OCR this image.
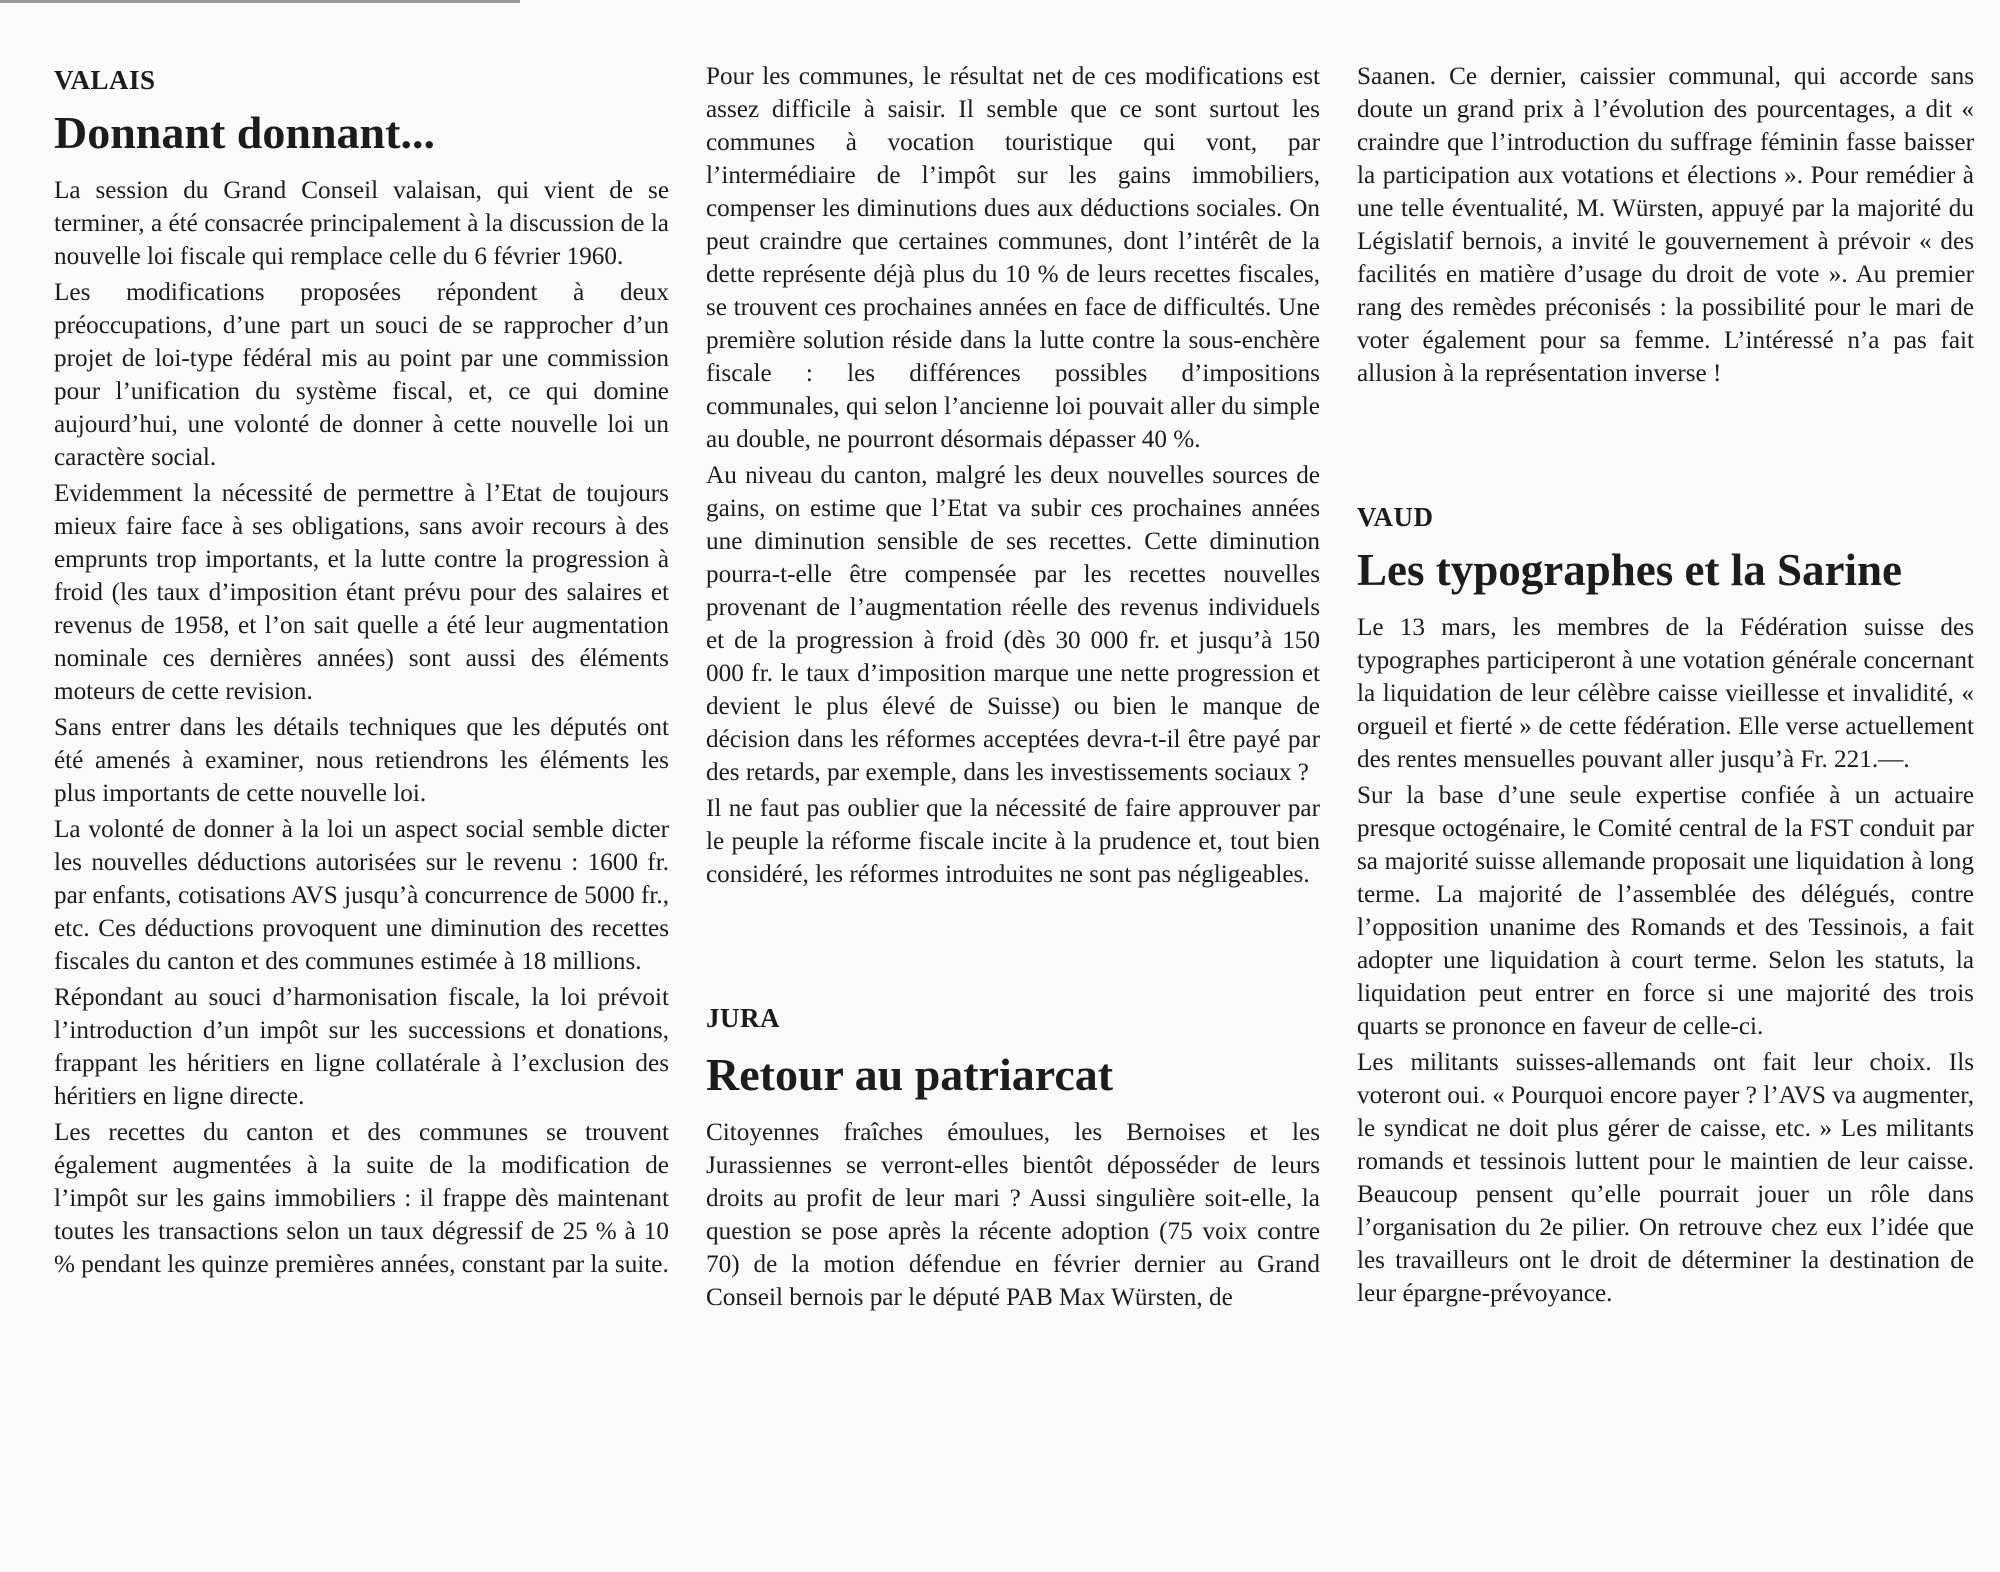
VALAIS
Donnant donnant...

La session du Grand Conseil valaisan, qui vient de se terminer, a été consacrée principalement à la discussion de la nouvelle loi fiscale qui remplace celle du 6 février 1960.

Les modifications proposées répondent à deux préoccupations, d’une part un souci de se rapprocher d’un projet de loi-type fédéral mis au point par une commission pour l’unification du système fiscal, et, ce qui domine aujourd’hui, une volonté de donner à cette nouvelle loi un caractère social.

Evidemment la nécessité de permettre à l’Etat de toujours mieux faire face à ses obligations, sans avoir recours à des emprunts trop importants, et la lutte contre la progression à froid (les taux d’imposition étant prévu pour des salaires et revenus de 1958, et l’on sait quelle a été leur augmentation nominale ces dernières années) sont aussi des éléments moteurs de cette revision.

Sans entrer dans les détails techniques que les députés ont été amenés à examiner, nous retiendrons les éléments les plus importants de cette nouvelle loi.

La volonté de donner à la loi un aspect social semble dicter les nouvelles déductions autorisées sur le revenu : 1600 fr. par enfants, cotisations AVS jusqu’à concurrence de 5000 fr., etc. Ces déductions provoquent une diminution des recettes fiscales du canton et des communes estimée à 18 millions.

Répondant au souci d’harmonisation fiscale, la loi prévoit l’introduction d’un impôt sur les successions et donations, frappant les héritiers en ligne collatérale à l’exclusion des héritiers en ligne directe.

Les recettes du canton et des communes se trouvent également augmentées à la suite de la modification de l’impôt sur les gains immobiliers : il frappe dès maintenant toutes les transactions selon un taux dégressif de 25 % à 10 % pendant les quinze premières années, constant par la suite.

Pour les communes, le résultat net de ces modifications est assez difficile à saisir. Il semble que ce sont surtout les communes à vocation touristique qui vont, par l’intermédiaire de l’impôt sur les gains immobiliers, compenser les diminutions dues aux déductions sociales. On peut craindre que certaines communes, dont l’intérêt de la dette représente déjà plus du 10 % de leurs recettes fiscales, se trouvent ces prochaines années en face de difficultés. Une première solution réside dans la lutte contre la sous-enchère fiscale : les différences possibles d’impositions communales, qui selon l’ancienne loi pouvait aller du simple au double, ne pourront désormais dépasser 40 %.

Au niveau du canton, malgré les deux nouvelles sources de gains, on estime que l’Etat va subir ces prochaines années une diminution sensible de ses recettes. Cette diminution pourra-t-elle être compensée par les recettes nouvelles provenant de l’augmentation réelle des revenus individuels et de la progression à froid (dès 30 000 fr. et jusqu’à 150 000 fr. le taux d’imposition marque une nette progression et devient le plus élevé de Suisse) ou bien le manque de décision dans les réformes acceptées devra-t-il être payé par des retards, par exemple, dans les investissements sociaux ?

Il ne faut pas oublier que la nécessité de faire approuver par le peuple la réforme fiscale incite à la prudence et, tout bien considéré, les réformes introduites ne sont pas négligeables.

JURA
Retour au patriarcat

Citoyennes fraîches émoulues, les Bernoises et les Jurassiennes se verront-elles bientôt déposséder de leurs droits au profit de leur mari ? Aussi singulière soit-elle, la question se pose après la récente adoption (75 voix contre 70) de la motion défendue en février dernier au Grand Conseil bernois par le député PAB Max Würsten, de

Saanen. Ce dernier, caissier communal, qui accorde sans doute un grand prix à l’évolution des pourcentages, a dit « craindre que l’introduction du suffrage féminin fasse baisser la participation aux votations et élections ». Pour remédier à une telle éventualité, M. Würsten, appuyé par la majorité du Législatif bernois, a invité le gouvernement à prévoir « des facilités en matière d’usage du droit de vote ». Au premier rang des remèdes préconisés : la possibilité pour le mari de voter également pour sa femme. L’intéressé n’a pas fait allusion à la représentation inverse !

VAUD
Les typographes et la Sarine

Le 13 mars, les membres de la Fédération suisse des typographes participeront à une votation générale concernant la liquidation de leur célèbre caisse vieillesse et invalidité, « orgueil et fierté » de cette fédération. Elle verse actuellement des rentes mensuelles pouvant aller jusqu’à Fr. 221.—.

Sur la base d’une seule expertise confiée à un actuaire presque octogénaire, le Comité central de la FST conduit par sa majorité suisse allemande proposait une liquidation à long terme. La majorité de l’assemblée des délégués, contre l’opposition unanime des Romands et des Tessinois, a fait adopter une liquidation à court terme. Selon les statuts, la liquidation peut entrer en force si une majorité des trois quarts se prononce en faveur de celle-ci.

Les militants suisses-allemands ont fait leur choix. Ils voteront oui. « Pourquoi encore payer ? l’AVS va augmenter, le syndicat ne doit plus gérer de caisse, etc. » Les militants romands et tessinois luttent pour le maintien de leur caisse. Beaucoup pensent qu’elle pourrait jouer un rôle dans l’organisation du 2e pilier. On retrouve chez eux l’idée que les travailleurs ont le droit de déterminer la destination de leur épargne-prévoyance.
